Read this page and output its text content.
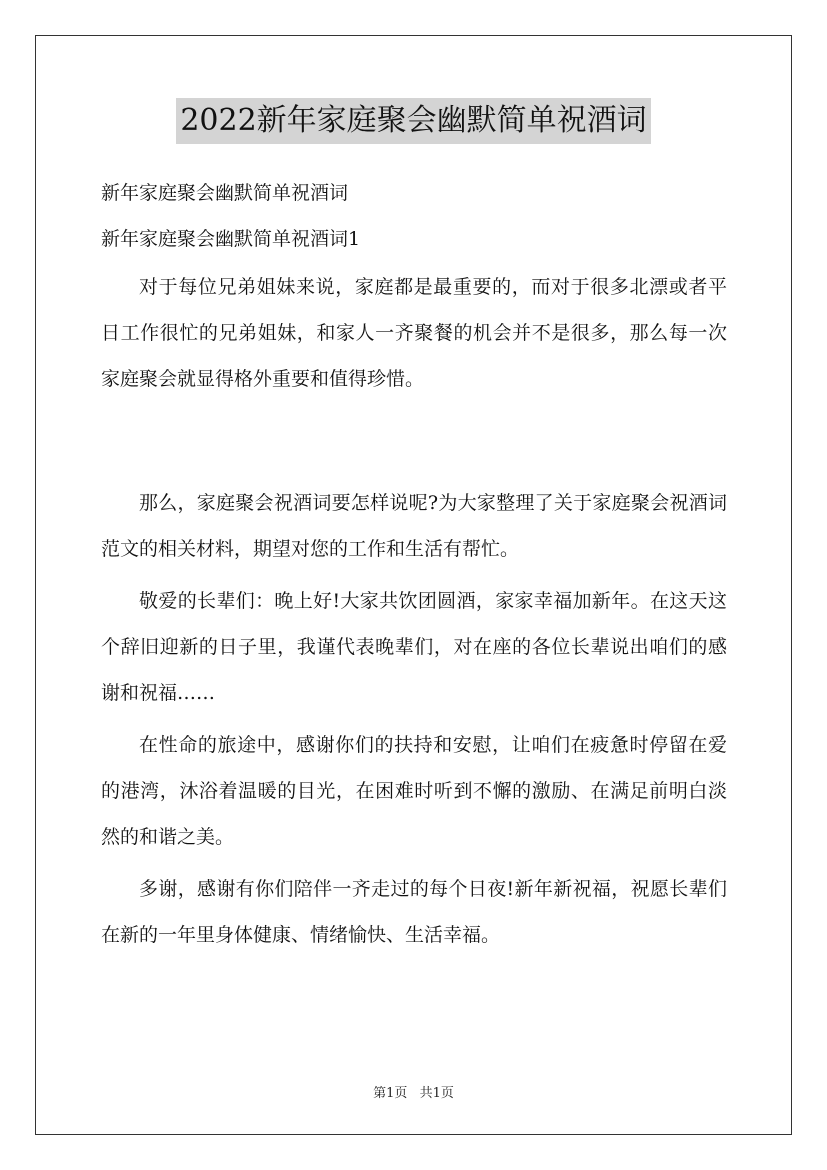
2022新年家庭聚会幽默简单祝酒词

新年家庭聚会幽默简单祝酒词

新年家庭聚会幽默简单祝酒词1

对于每位兄弟姐妹来说，家庭都是最重要的，而对于很多北漂或者平日工作很忙的兄弟姐妹，和家人一齐聚餐的机会并不是很多，那么每一次家庭聚会就显得格外重要和值得珍惜。

那么，家庭聚会祝酒词要怎样说呢?为大家整理了关于家庭聚会祝酒词范文的相关材料，期望对您的工作和生活有帮忙。

敬爱的长辈们：晚上好!大家共饮团圆酒，家家幸福加新年。在这天这个辞旧迎新的日子里，我谨代表晚辈们，对在座的各位长辈说出咱们的感谢和祝福……

在性命的旅途中，感谢你们的扶持和安慰，让咱们在疲惫时停留在爱的港湾，沐浴着温暖的目光，在困难时听到不懈的激励、在满足前明白淡然的和谐之美。

多谢，感谢有你们陪伴一齐走过的每个日夜!新年新祝福，祝愿长辈们在新的一年里身体健康、情绪愉快、生活幸福。

第1页 共1页
